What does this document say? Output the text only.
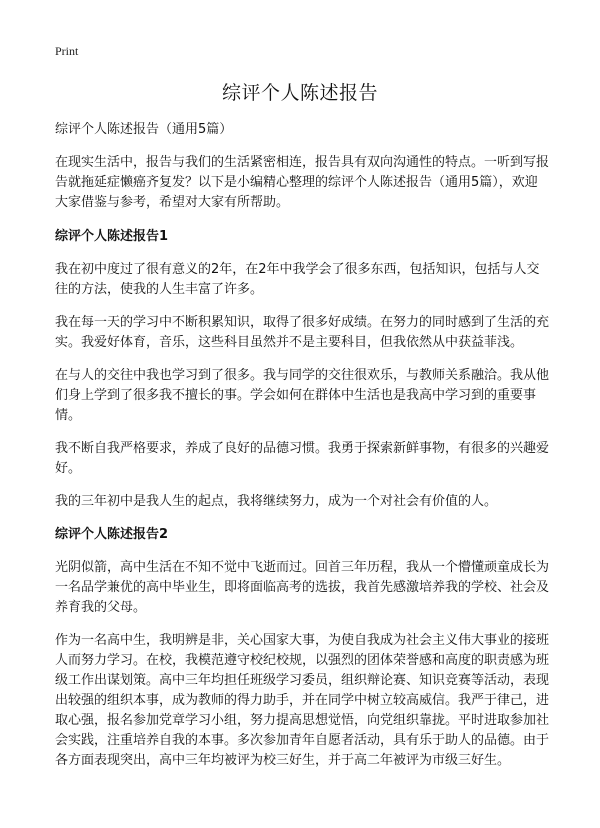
Print
综评个人陈述报告

综评个人陈述报告（通用5篇）

在现实生活中，报告与我们的生活紧密相连，报告具有双向沟通性的特点。一听到写报告就拖延症懒癌齐复发？以下是小编精心整理的综评个人陈述报告（通用5篇），欢迎大家借鉴与参考，希望对大家有所帮助。

综评个人陈述报告1

我在初中度过了很有意义的2年，在2年中我学会了很多东西，包括知识，包括与人交往的方法，使我的人生丰富了许多。

我在每一天的学习中不断积累知识，取得了很多好成绩。在努力的同时感到了生活的充实。我爱好体育，音乐，这些科目虽然并不是主要科目，但我依然从中获益菲浅。

在与人的交往中我也学习到了很多。我与同学的交往很欢乐，与教师关系融洽。我从他们身上学到了很多我不擅长的事。学会如何在群体中生活也是我高中学习到的重要事情。

我不断自我严格要求，养成了良好的品德习惯。我勇于探索新鲜事物，有很多的兴趣爱好。

我的三年初中是我人生的起点，我将继续努力，成为一个对社会有价值的人。

综评个人陈述报告2

光阴似箭，高中生活在不知不觉中飞逝而过。回首三年历程，我从一个懵懂顽童成长为一名品学兼优的高中毕业生，即将面临高考的选拔，我首先感激培养我的学校、社会及养育我的父母。

作为一名高中生，我明辨是非，关心国家大事，为使自我成为社会主义伟大事业的接班人而努力学习。在校，我模范遵守校纪校规，以强烈的团体荣誉感和高度的职责感为班级工作出谋划策。高中三年均担任班级学习委员，组织辩论赛、知识竞赛等活动，表现出较强的组织本事，成为教师的得力助手，并在同学中树立较高威信。我严于律己，进取心强，报名参加党章学习小组，努力提高思想觉悟，向党组织靠拢。平时进取参加社会实践，注重培养自我的本事。多次参加青年自愿者活动，具有乐于助人的品德。由于各方面表现突出，高中三年均被评为校三好生，并于高二年被评为市级三好生。
